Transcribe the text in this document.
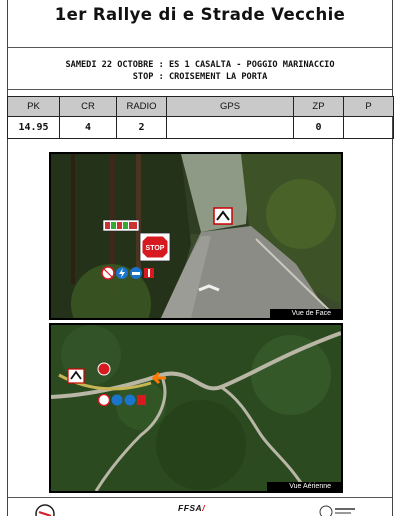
1er Rallye di e Strade Vecchie
SAMEDI 22 OCTOBRE : ES 1 CASALTA - POGGIO MARINACCIO
STOP : CROISEMENT LA PORTA
PK	CR	RADIO	GPS	ZP	P
14.95	4	2		0	
STOP
Vue de Face
Vue Aérienne
FFSA/
